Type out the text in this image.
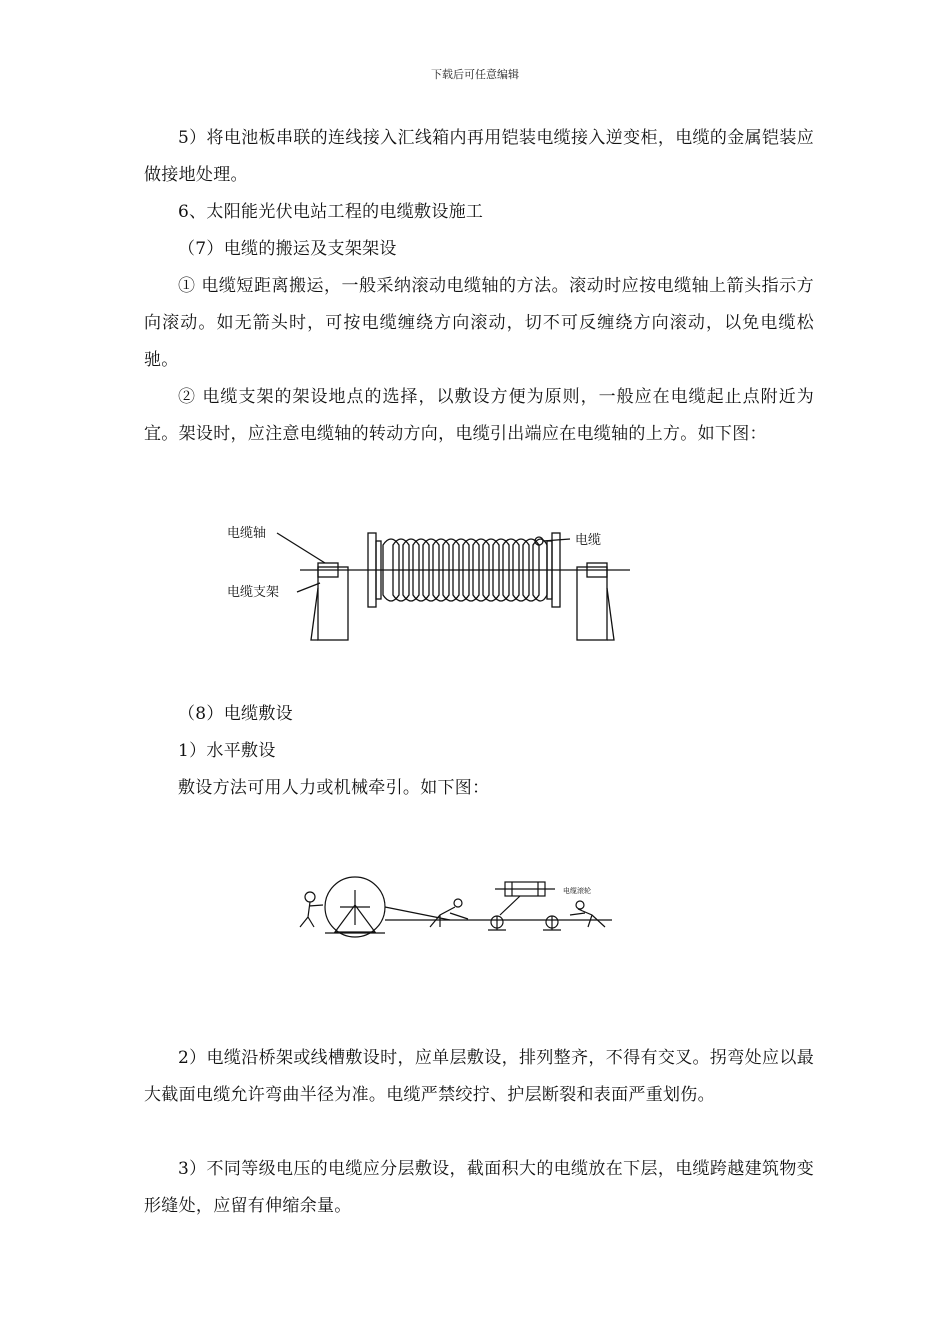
下载后可任意编辑

5）将电池板串联的连线接入汇线箱内再用铠装电缆接入逆变柜，电缆的金属铠装应做接地处理。

6、太阳能光伏电站工程的电缆敷设施工

（7）电缆的搬运及支架架设

① 电缆短距离搬运，一般采纳滚动电缆轴的方法。滚动时应按电缆轴上箭头指示方向滚动。如无箭头时，可按电缆缠绕方向滚动，切不可反缠绕方向滚动，以免电缆松驰。

② 电缆支架的架设地点的选择，以敷设方便为原则，一般应在电缆起止点附近为宜。架设时，应注意电缆轴的转动方向，电缆引出端应在电缆轴的上方。如下图：

电缆轴
电缆支架
电缆

（8）电缆敷设

1）水平敷设

敷设方法可用人力或机械牵引。如下图：

电缆滚轮

2）电缆沿桥架或线槽敷设时，应单层敷设，排列整齐，不得有交叉。拐弯处应以最大截面电缆允许弯曲半径为准。电缆严禁绞拧、护层断裂和表面严重划伤。

3）不同等级电压的电缆应分层敷设，截面积大的电缆放在下层，电缆跨越建筑物变形缝处，应留有伸缩余量。
